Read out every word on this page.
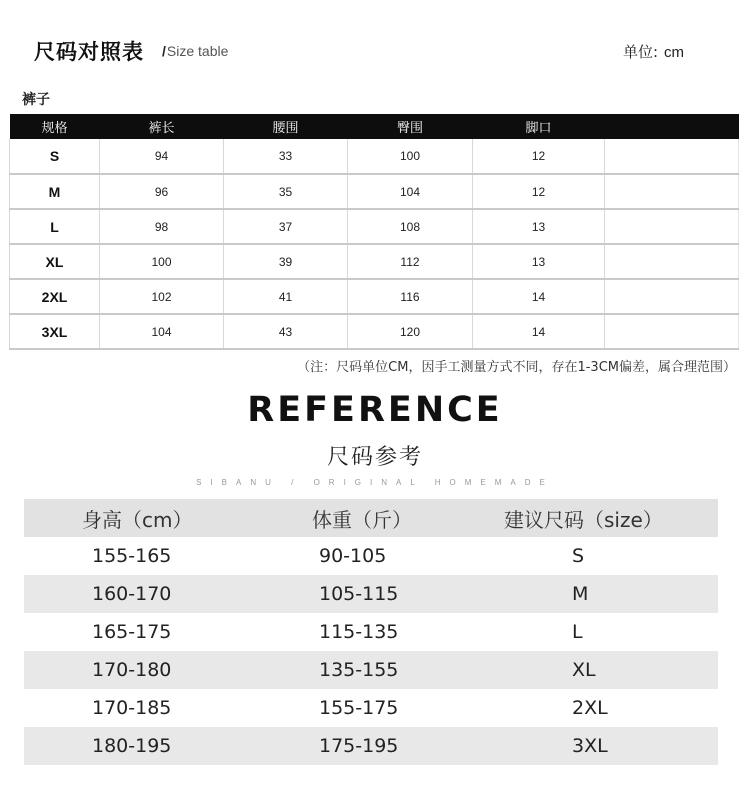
尺码对照表 /Size table	单位: cm
裤子
规格	裤长	腰围	臀围	脚口	
S	94	33	100	12	
M	96	35	104	12	
L	98	37	108	13	
XL	100	39	112	13	
2XL	102	41	116	14	
3XL	104	43	120	14	
（注：尺码单位CM，因手工测量方式不同，存在1-3CM偏差，属合理范围）
REFERENCE
尺码参考
SIBANU / ORIGINAL HOMEMADE
身高（cm）	体重（斤）	建议尺码（size）
155-165	90-105	S
160-170	105-115	M
165-175	115-135	L
170-180	135-155	XL
170-185	155-175	2XL
180-195	175-195	3XL
